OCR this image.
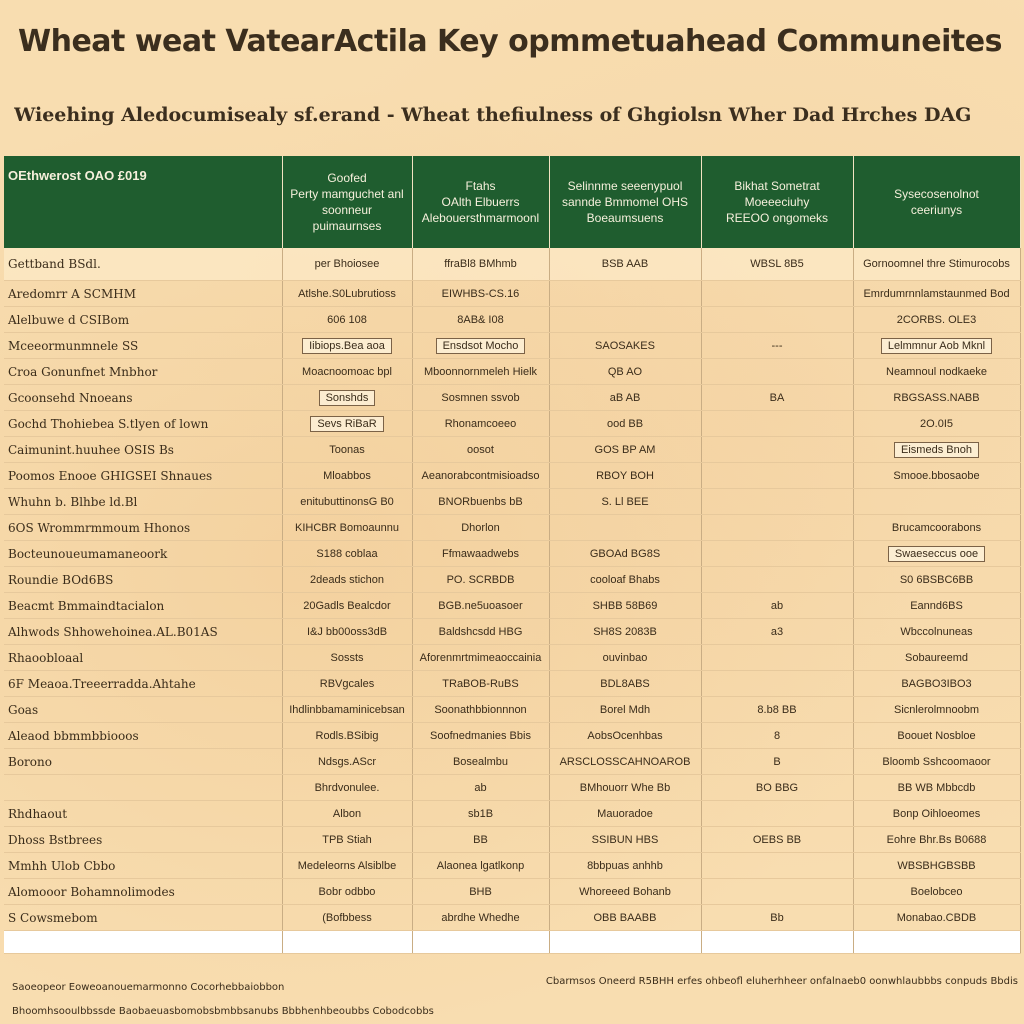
Wheat weat VatearActila Key opmmetuahead Communeites
Wieehing Aledocumisealy sf.erand - Wheat thefiulness of Ghgiolsn Wher Dad Hrches DAG
OEthwerost OAO £019	Goofed
Perty mamguchet anl
soonneur puimaurnses	Ftahs
OAlth Elbuerrs
Alebouersthmarmoonl	Selinnme seeenypuol
sannde Bmmomel OHS
Boeaumsuens	Bikhat Sometrat
Moeeeciuhy
REEOO ongomeks	Sysecosenolnot
ceeriunys

Gettband BSdl.	per Bhoiosee	ffraBl8 BMhmb	BSB AAB	WBSL 8B5	Gornoomnel thre Stimurocobs
Aredomrr A SCMHM	Atlshe.S0Lubrutioss	EIWHBS-CS.16			Emrdumrnnlamstaunmed Bod
Alelbuwe d CSIBom	606 108	8AB& I08			2CORBS. OLE3
Mceeormunmnele SS	Iibiops.Bea aoa	Ensdsot Mocho	SAOSAKES	---	Lelmmnur Aob Mknl
Croa Gonunfnet Mnbhor	Moacnoomoac bpl	Mboonnornmeleh Hielk	QB AO		Neamnoul nodkaeke
Gcoonsehd Nnoeans	Sonshds	Sosmnen ssvob	aB AB	BA	RBGSASS.NABB
Gochd Thohiebea S.tlyen of lown	Sevs RiBaR	Rhonamcoeeo	ood BB		2O.0I5
Caimunint.huuhee OSIS Bs	Toonas	oosot	GOS BP AM		Eismeds Bnoh
Poomos Enooe GHIGSEI Shnaues	Mloabbos	Aeanorabcontmisioadso	RBOY BOH		Smooe.bbosaobe
Whuhn b. Blhbe ld.Bl	enitubuttinonsG B0	BNORbuenbs bB	S. Ll BEE		
6OS Wrommrmmoum Hhonos	KIHCBR Bomoaunnu	Dhorlon			Brucamcoorabons
Bocteunoueumamaneoork	S188 coblaa	Ffmawaadwebs	GBOAd BG8S		Swaeseccus ooe
Roundie BOd6BS	2deads stichon	PO. SCRBDB	cooloaf Bhabs		S0 6BSBC6BB
Beacmt Bmmaindtacialon	20Gadls Bealcdor	BGB.ne5uoasoer	SHBB 58B69	ab	Eannd6BS
Alhwods Shhowehoinea.AL.B01AS	I&J bb00oss3dB	Baldshcsdd HBG	SH8S 2083B	a3	Wbccolnuneas
Rhaoobloaal	Sossts	Aforenmrtmimeaoccainia	ouvinbao		Sobaureemd
6F Meaoa.Treeerradda.Ahtahe	RBVgcales	TRaBOB-RuBS	BDL8ABS		BAGBO3IBO3
Goas	Ihdlinbbamaminicebsan	Soonathbbionnnon	Borel Mdh	8.b8 BB	Sicnlerolmnoobm
Aleaod bbmmbbiooos	Rodls.BSibig	Soofnedmanies Bbis	AobsOcenhbas	8	Boouet Nosbloe
Borono	Ndsgs.AScr	Bosealmbu	ARSCLOSSCAHNOAROB	B	Bloomb Sshcoomaoor
	Bhrdvonulee.	ab	BMhouorr Whe Bb	BO BBG	BB WB Mbbcdb
Rhdhaout	Albon	sb1B	Mauoradoe		Bonp Oihloeomes
Dhoss Bstbrees	TPB Stiah	BB	SSIBUN HBS	OEBS BB	Eohre Bhr.Bs B0688
Mmhh Ulob Cbbo	Medeleorns Alsiblbe	Alaonea lgatlkonp	8bbpuas anhhb		WBSBHGBSBB
Alomooor Bohamnolimodes	Bobr odbbo	BHB	Whoreeed Bohanb		Boelobceo
S Cowsmebom	(Bofbbess	abrdhe Whedhe	OBB BAABB	Bb	Monabao.CBDB

Saoeopeor Eoweoanouemarmonno Cocorhebbaiobbon
Bhoomhsooulbbssde Baobaeuasbomobsbmbbsanubs Bbbhenhbeoubbs Cobodcobbs
Cbarmsos Oneerd R5BHH erfes ohbeofl eluherhheer onfalnaeb0 oonwhlaubbbs conpuds Bbdis
